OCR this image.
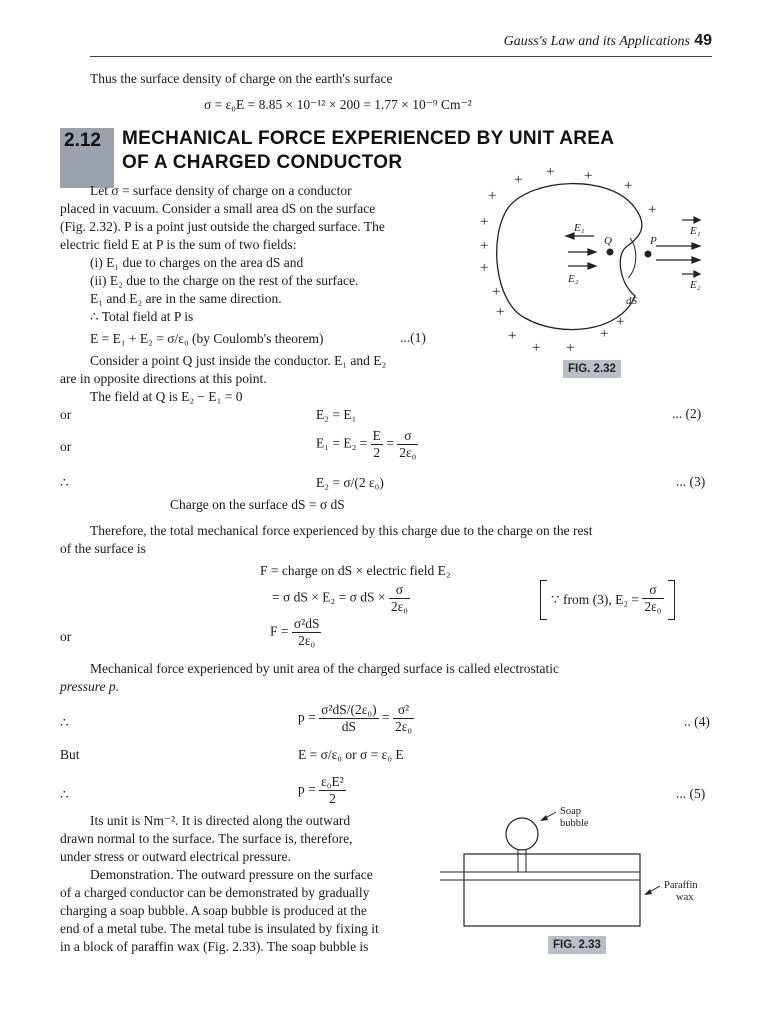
Gauss's Law and its Applications 49
Thus the surface density of charge on the earth's surface
σ = ε₀E = 8.85 × 10⁻¹² × 200 = 1.77 × 10⁻⁹ Cm⁻²
2.12 MECHANICAL FORCE EXPERIENCED BY UNIT AREA
OF A CHARGED CONDUCTOR
Let σ = surface density of charge on a conductor
placed in vacuum. Consider a small area dS on the surface
(Fig. 2.32). P is a point just outside the charged surface. The
electric field E at P is the sum of two fields:
(i) E₁ due to charges on the area dS and
(ii) E₂ due to the charge on the rest of the surface.
E₁ and E₂ are in the same direction.
∴ Total field at P is
E = E₁ + E₂ = σ/ε₀ (by Coulomb's theorem)	...(1)
Consider a point Q just inside the conductor. E₁ and E₂
are in opposite directions at this point.
The field at Q is E₂ − E₁ = 0
or	E₂ = E₁	... (2)
or	$E_1 = E_2 = \frac{E}{2} = \frac{\sigma}{\text{2ε₀}}$
∴	E₂ = σ/(2 ε₀)	... (3)
Charge on the surface dS = σ dS
Therefore, the total mechanical force experienced by this charge due to the charge on the rest
of the surface is
F = charge on dS × electric field E₂
= σ dS × E₂ = σ dS × $\frac{\sigma}{\text{2ε₀}}$	∵ from (3), $E_2 = \frac{\sigma}{\text{2ε₀}}$
or	$F = \frac{\text{σ²dS}}{\text{2ε₀}}$
Mechanical force experienced by unit area of the charged surface is called electrostatic
pressure p.
∴	$p = \frac{\text{σ²dS/(2ε₀)}}{dS} = \frac{\text{σ²}}{\text{2ε₀}}$	.. (4)
But	E = σ/ε₀ or σ = ε₀ E
∴	$p = \frac{\text{ε₀E²}}{2}$	... (5)
Its unit is Nm⁻². It is directed along the outward
drawn normal to the surface. The surface is, therefore,
under stress or outward electrical pressure.
Demonstration. The outward pressure on the surface
of a charged conductor can be demonstrated by gradually
charging a soap bubble. A soap bubble is produced at the
end of a metal tube. The metal tube is insulated by fixing it
in a block of paraffin wax (Fig. 2.33). The soap bubble is
+ + +
+
+
+
+
+
+
+
+
+ +
+
+
+
E₁
Q	P
E₂
dS
E₁
E₂
FIG. 2.32
Soap
bubble
Paraffin
wax
FIG. 2.33
